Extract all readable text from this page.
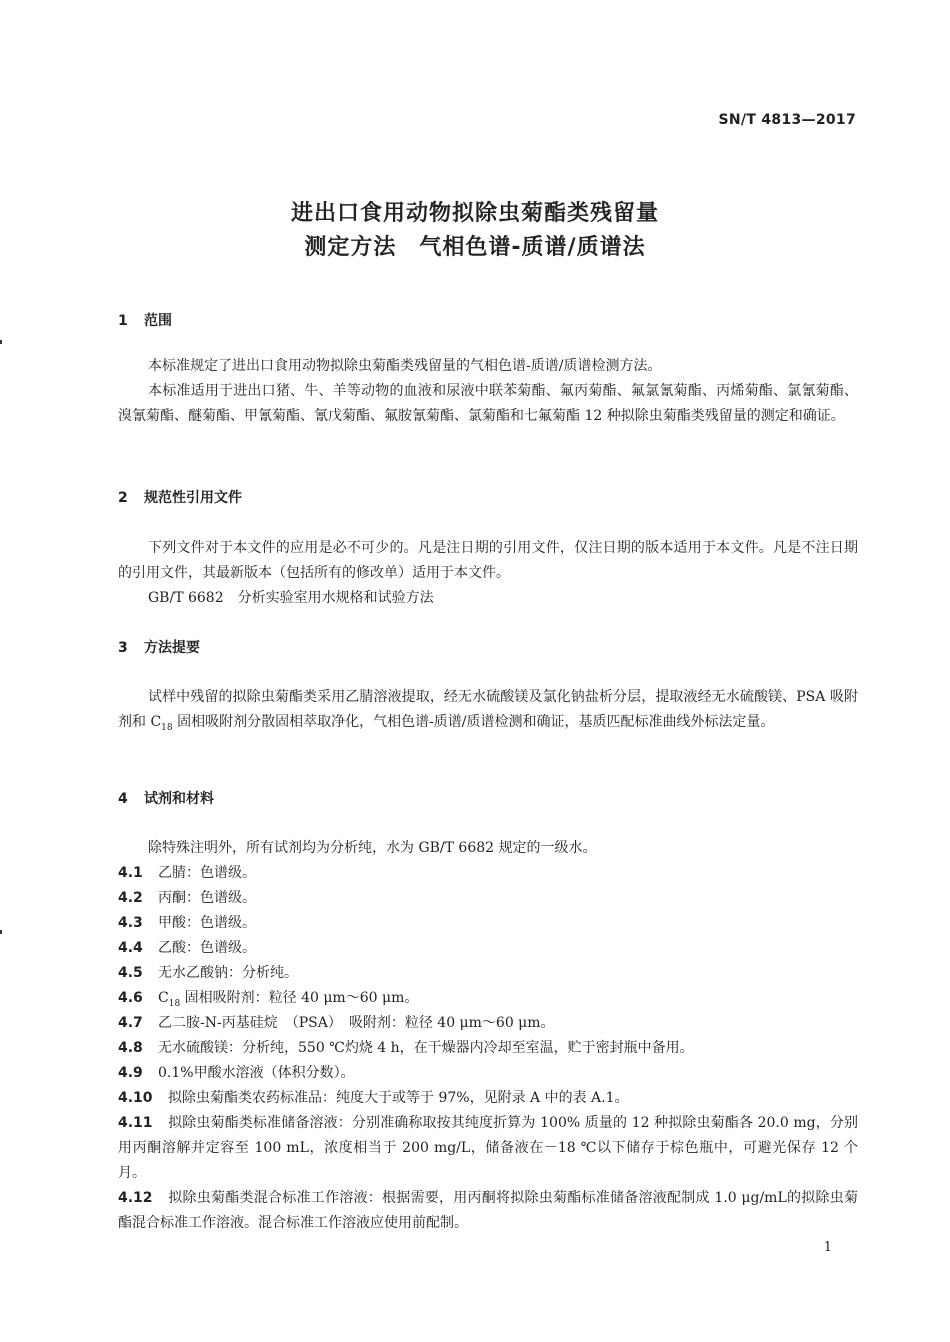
SN/T 4813—2017
进出口食用动物拟除虫菊酯类残留量
测定方法　气相色谱-质谱/质谱法
1 范围
本标准规定了进出口食用动物拟除虫菊酯类残留量的气相色谱-质谱/质谱检测方法。
本标准适用于进出口猪、牛、羊等动物的血液和尿液中联苯菊酯、氟丙菊酯、氟氯氰菊酯、丙烯菊酯、氯氰菊酯、溴氰菊酯、醚菊酯、甲氰菊酯、氰戊菊酯、氟胺氰菊酯、氯菊酯和七氟菊酯 12 种拟除虫菊酯类残留量的测定和确证。
2 规范性引用文件
下列文件对于本文件的应用是必不可少的。凡是注日期的引用文件，仅注日期的版本适用于本文件。凡是不注日期的引用文件，其最新版本（包括所有的修改单）适用于本文件。
GB/T 6682　分析实验室用水规格和试验方法
3 方法提要
试样中残留的拟除虫菊酯类采用乙腈溶液提取，经无水硫酸镁及氯化钠盐析分层，提取液经无水硫酸镁、PSA 吸附剂和 $C_{18}$ 固相吸附剂分散固相萃取净化，气相色谱-质谱/质谱检测和确证，基质匹配标准曲线外标法定量。
4 试剂和材料
除特殊注明外，所有试剂均为分析纯，水为 GB/T 6682 规定的一级水。
4.1 乙腈：色谱级。
4.2 丙酮：色谱级。
4.3 甲酸：色谱级。
4.4 乙酸：色谱级。
4.5 无水乙酸钠：分析纯。
4.6 $C_{18}$ 固相吸附剂：粒径 40 μm～60 μm。
4.7 乙二胺-N-丙基硅烷　（PSA）　吸附剂：粒径 40 μm～60 μm。
4.8 无水硫酸镁：分析纯，550 ℃灼烧 4 h，在干燥器内冷却至室温，贮于密封瓶中备用。
4.9 0.1%甲酸水溶液（体积分数）。
4.10 拟除虫菊酯类农药标准品：纯度大于或等于 97%，见附录 A 中的表 A.1。
4.11 拟除虫菊酯类标准储备溶液：分别准确称取按其纯度折算为 100% 质量的 12 种拟除虫菊酯各 20.0 mg，分别用丙酮溶解并定容至 100 mL，浓度相当于 200 mg/L，储备液在－18 ℃以下储存于棕色瓶中，可避光保存 12 个月。
4.12 拟除虫菊酯类混合标准工作溶液：根据需要，用丙酮将拟除虫菊酯标准储备溶液配制成 1.0 μg/mL的拟除虫菊酯混合标准工作溶液。混合标准工作溶液应使用前配制。
1
